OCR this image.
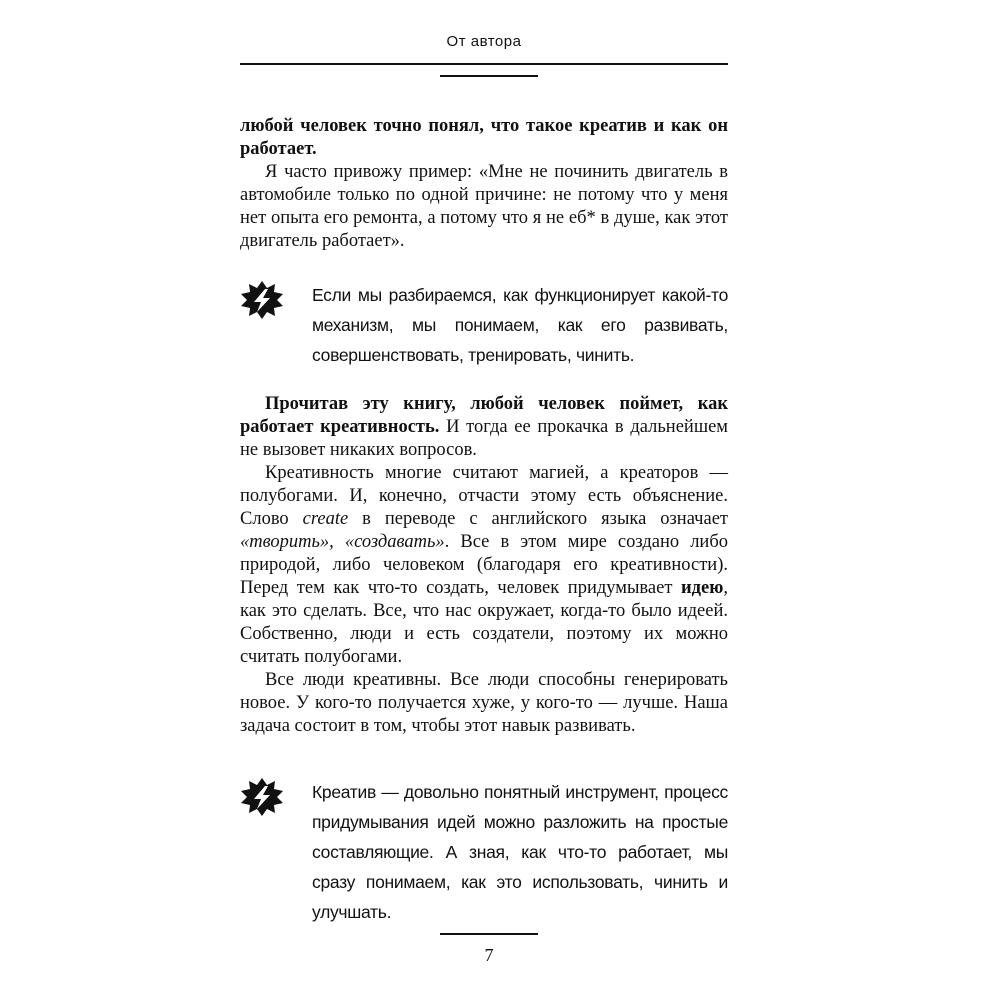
От автора

любой человек точно понял, что такое креатив и как он работает.

Я часто привожу пример: «Мне не починить двигатель в автомобиле только по одной причине: не потому что у меня нет опыта его ремонта, а потому что я не еб* в душе, как этот двигатель работает».

Если мы разбираемся, как функционирует какой-то механизм, мы понимаем, как его развивать, совершенствовать, тренировать, чинить.

Прочитав эту книгу, любой человек поймет, как работает креативность. И тогда ее прокачка в дальнейшем не вызовет никаких вопросов.

Креативность многие считают магией, а креаторов — полубогами. И, конечно, отчасти этому есть объяснение. Слово create в переводе с английского языка означает «творить», «создавать». Все в этом мире создано либо природой, либо человеком (благодаря его креативности). Перед тем как что-то создать, человек придумывает идею, как это сделать. Все, что нас окружает, когда-то было идеей. Собственно, люди и есть создатели, поэтому их можно считать полубогами.

Все люди креативны. Все люди способны генерировать новое. У кого-то получается хуже, у кого-то — лучше. Наша задача состоит в том, чтобы этот навык развивать.

Креатив — довольно понятный инструмент, процесс придумывания идей можно разложить на простые составляющие. А зная, как что-то работает, мы сразу понимаем, как это использовать, чинить и улучшать.

7
